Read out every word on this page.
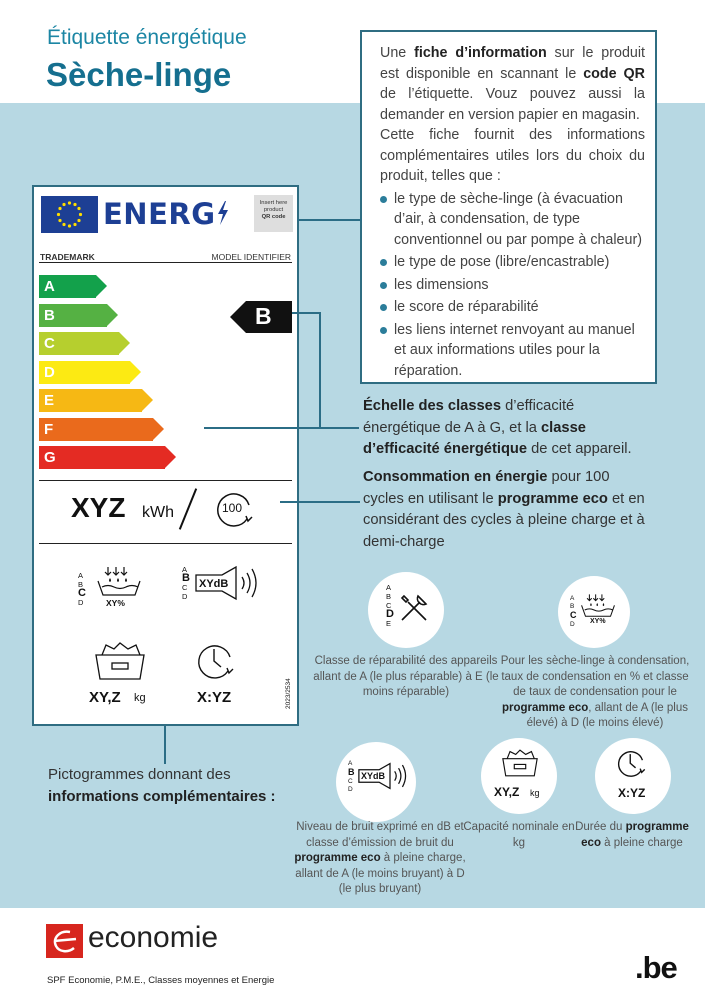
Étiquette énergétique
Sèche-linge

Une fiche d’information sur le produit est disponible en scannant le code QR de l’étiquette. Vouz pouvez aussi la demander en version papier en magasin.

Cette fiche fournit des informations complémentaires utiles lors du choix du produit, telles que :

le type de sèche-linge (à évacuation d’air, à condensation, de type conventionnel ou par pompe à chaleur)
le type de pose (libre/encastrable)
les dimensions
le score de réparabilité
les liens internet renvoyant au manuel et aux informations utiles pour la réparation.
ENERG	Insert here product
QR code
TRADEMARK	MODEL IDENTIFIER
A
B
C
D
E
F
G
B
XYZ kWh	100
A
B
C
D	XY%
A
B
C
D
XYdB
XY,Z kg	X:YZ	2023/2534
Échelle des classes d’efficacité énergétique de A à G, et la classe d’efficacité énergétique de cet appareil.
Consommation en énergie pour 100 cycles en utilisant le programme eco et en considérant des cycles à pleine charge et à demi-charge
A
B
C
D
E
Classe de réparabilité des appareils allant de A (le plus réparable) à E (le moins réparable)
A
B
C
D XY%
Pour les sèche-linge à condensation, taux de condensation en % et classe de taux de condensation pour le programme eco, allant de A (le plus élevé) à D (le moins élevé)
A
B
C
D
XYdB
Niveau de bruit exprimé en dB et classe d’émission de bruit du programme eco à pleine charge, allant de A (le moins bruyant) à D (le plus bruyant)
XY,Z kg
Capacité nominale en kg
X:YZ
Durée du programme eco à pleine charge
Pictogrammes donnant des
informations complémentaires :
economie
SPF Economie, P.M.E., Classes moyennes et Energie	.be
